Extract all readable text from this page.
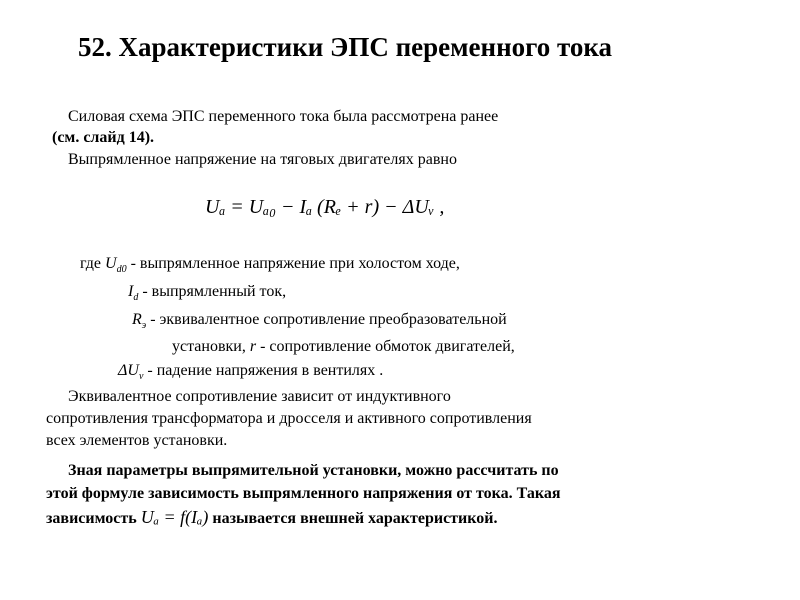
52. Характеристики ЭПС переменного тока
Силовая схема ЭПС переменного тока была рассмотрена ранее
(см. слайд 14).
Выпрямленное напряжение на тяговых двигателях равно
Uₐ = Uₐ₀ − Iₐ (Rₑ + r) − ΔUᵥ ,
где $U_{d0}$ - выпрямленное напряжение при холостом ходе,
$I_d$ - выпрямленный ток,
$R_э$ - эквивалентное сопротивление преобразовательной
установки, r - сопротивление обмоток двигателей,
$\Delta U_v$ - падение напряжения в вентилях .
Эквивалентное сопротивление зависит от индуктивного
сопротивления трансформатора и дросселя и активного сопротивления
всех элементов установки.
Зная параметры выпрямительной установки, можно рассчитать по
этой формуле зависимость выпрямленного напряжения от тока. Такая
зависимость Uₐ = f(Iₐ) называется внешней характеристикой.
